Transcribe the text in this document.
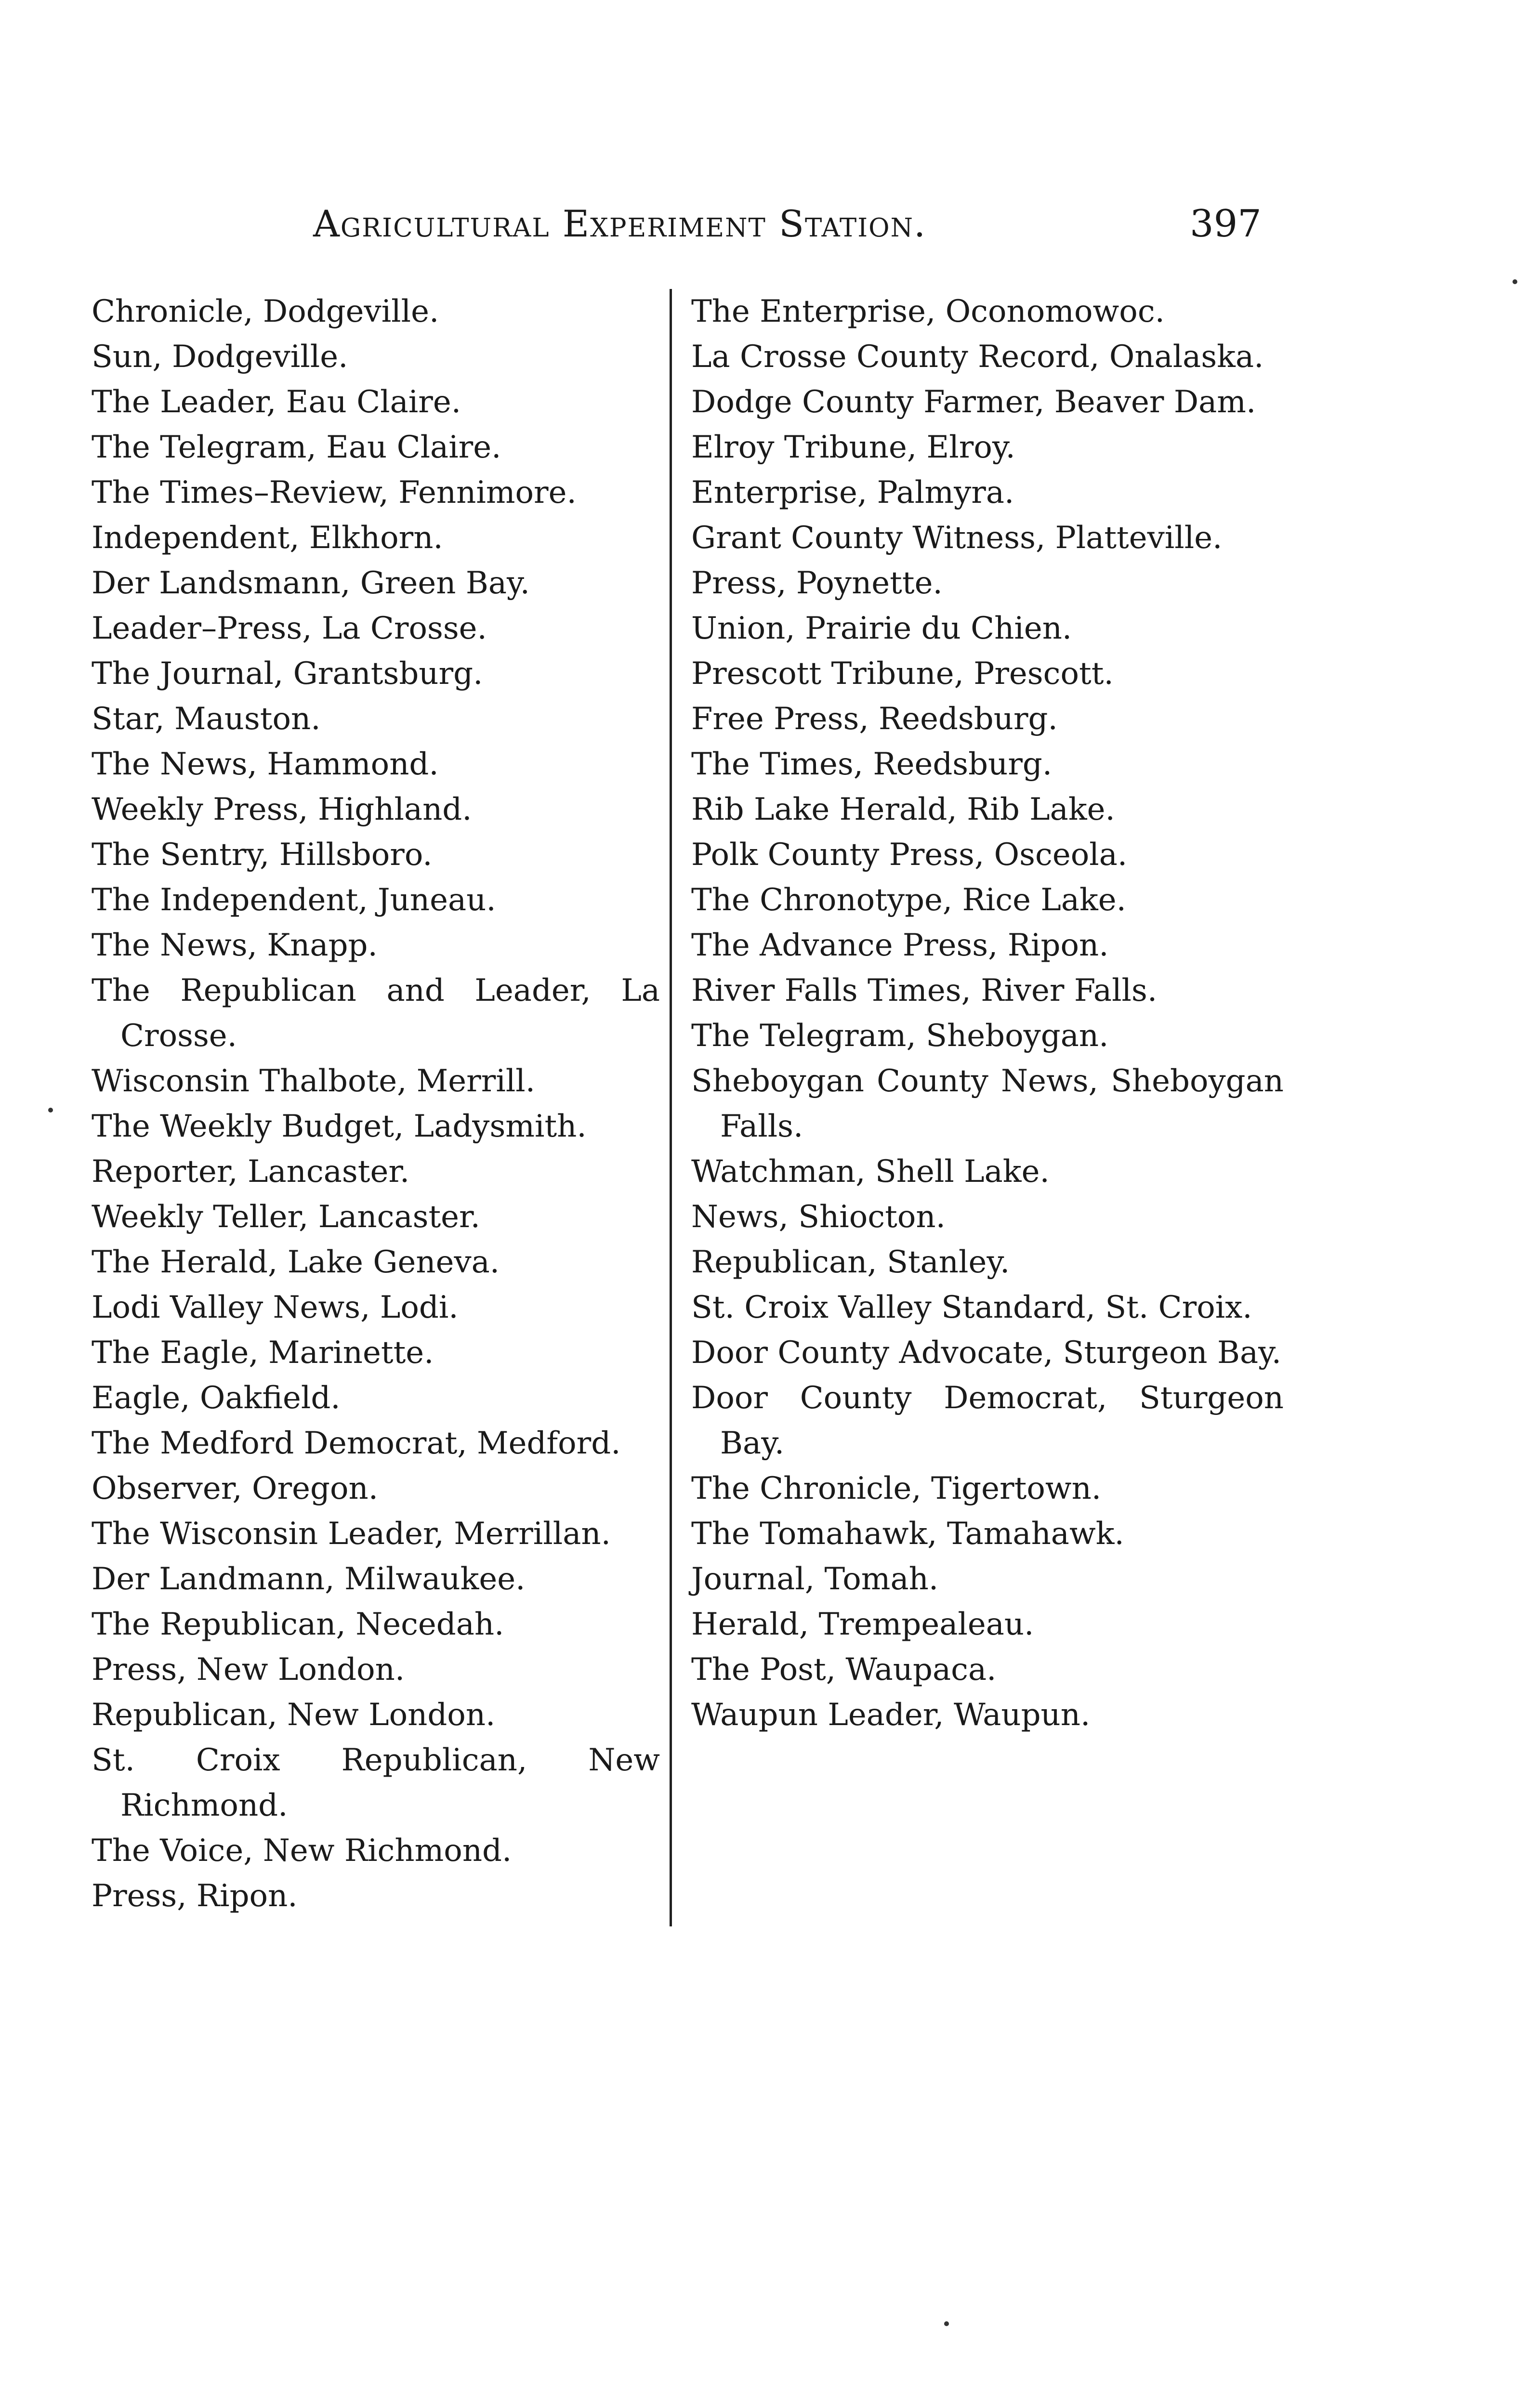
Agricultural Experiment Station.	397
Chronicle, Dodgeville.
Sun, Dodgeville.
The Leader, Eau Claire.
The Telegram, Eau Claire.
The Times–Review, Fennimore.
Independent, Elkhorn.
Der Landsmann, Green Bay.
Leader–Press, La Crosse.
The Journal, Grantsburg.
Star, Mauston.
The News, Hammond.
Weekly Press, Highland.
The Sentry, Hillsboro.
The Independent, Juneau.
The News, Knapp.
The Republican and Leader, La Crosse.
Wisconsin Thalbote, Merrill.
The Weekly Budget, Ladysmith.
Reporter, Lancaster.
Weekly Teller, Lancaster.
The Herald, Lake Geneva.
Lodi Valley News, Lodi.
The Eagle, Marinette.
Eagle, Oakfield.
The Medford Democrat, Medford.
Observer, Oregon.
The Wisconsin Leader, Merrillan.
Der Landmann, Milwaukee.
The Republican, Necedah.
Press, New London.
Republican, New London.
St. Croix Republican, New Richmond.
The Voice, New Richmond.
Press, Ripon.
The Enterprise, Oconomowoc.
La Crosse County Record, Onalaska.
Dodge County Farmer, Beaver Dam.
Elroy Tribune, Elroy.
Enterprise, Palmyra.
Grant County Witness, Platteville.
Press, Poynette.
Union, Prairie du Chien.
Prescott Tribune, Prescott.
Free Press, Reedsburg.
The Times, Reedsburg.
Rib Lake Herald, Rib Lake.
Polk County Press, Osceola.
The Chronotype, Rice Lake.
The Advance Press, Ripon.
River Falls Times, River Falls.
The Telegram, Sheboygan.
Sheboygan County News, Sheboygan Falls.
Watchman, Shell Lake.
News, Shiocton.
Republican, Stanley.
St. Croix Valley Standard, St. Croix.
Door County Advocate, Sturgeon Bay.
Door County Democrat, Sturgeon Bay.
The Chronicle, Tigertown.
The Tomahawk, Tamahawk.
Journal, Tomah.
Herald, Trempealeau.
The Post, Waupaca.
Waupun Leader, Waupun.
